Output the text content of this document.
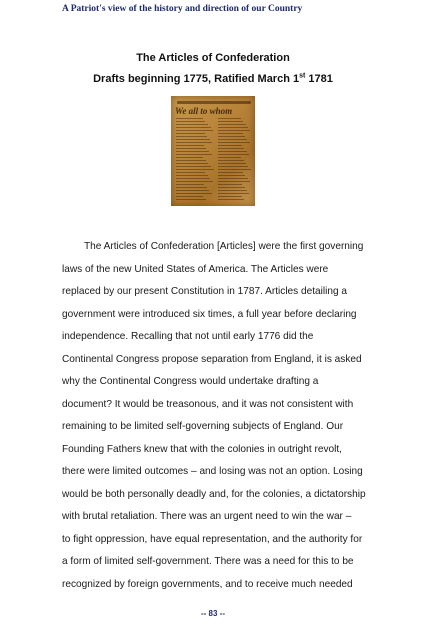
A Patriot's view of the history and direction of our Country
The Articles of Confederation
Drafts beginning 1775, Ratified March 1st 1781
We all to whom
The Articles of Confederation [Articles] were the first governing
laws of the new United States of America. The Articles were
replaced by our present Constitution in 1787. Articles detailing a
government were introduced six times, a full year before declaring
independence. Recalling that not until early 1776 did the
Continental Congress propose separation from England, it is asked
why the Continental Congress would undertake drafting a
document? It would be treasonous, and it was not consistent with
remaining to be limited self-governing subjects of England. Our
Founding Fathers knew that with the colonies in outright revolt,
there were limited outcomes – and losing was not an option. Losing
would be both personally deadly and, for the colonies, a dictatorship
with brutal retaliation. There was an urgent need to win the war –
to fight oppression, have equal representation, and the authority for
a form of limited self-government. There was a need for this to be
recognized by foreign governments, and to receive much needed
-- 83 --
